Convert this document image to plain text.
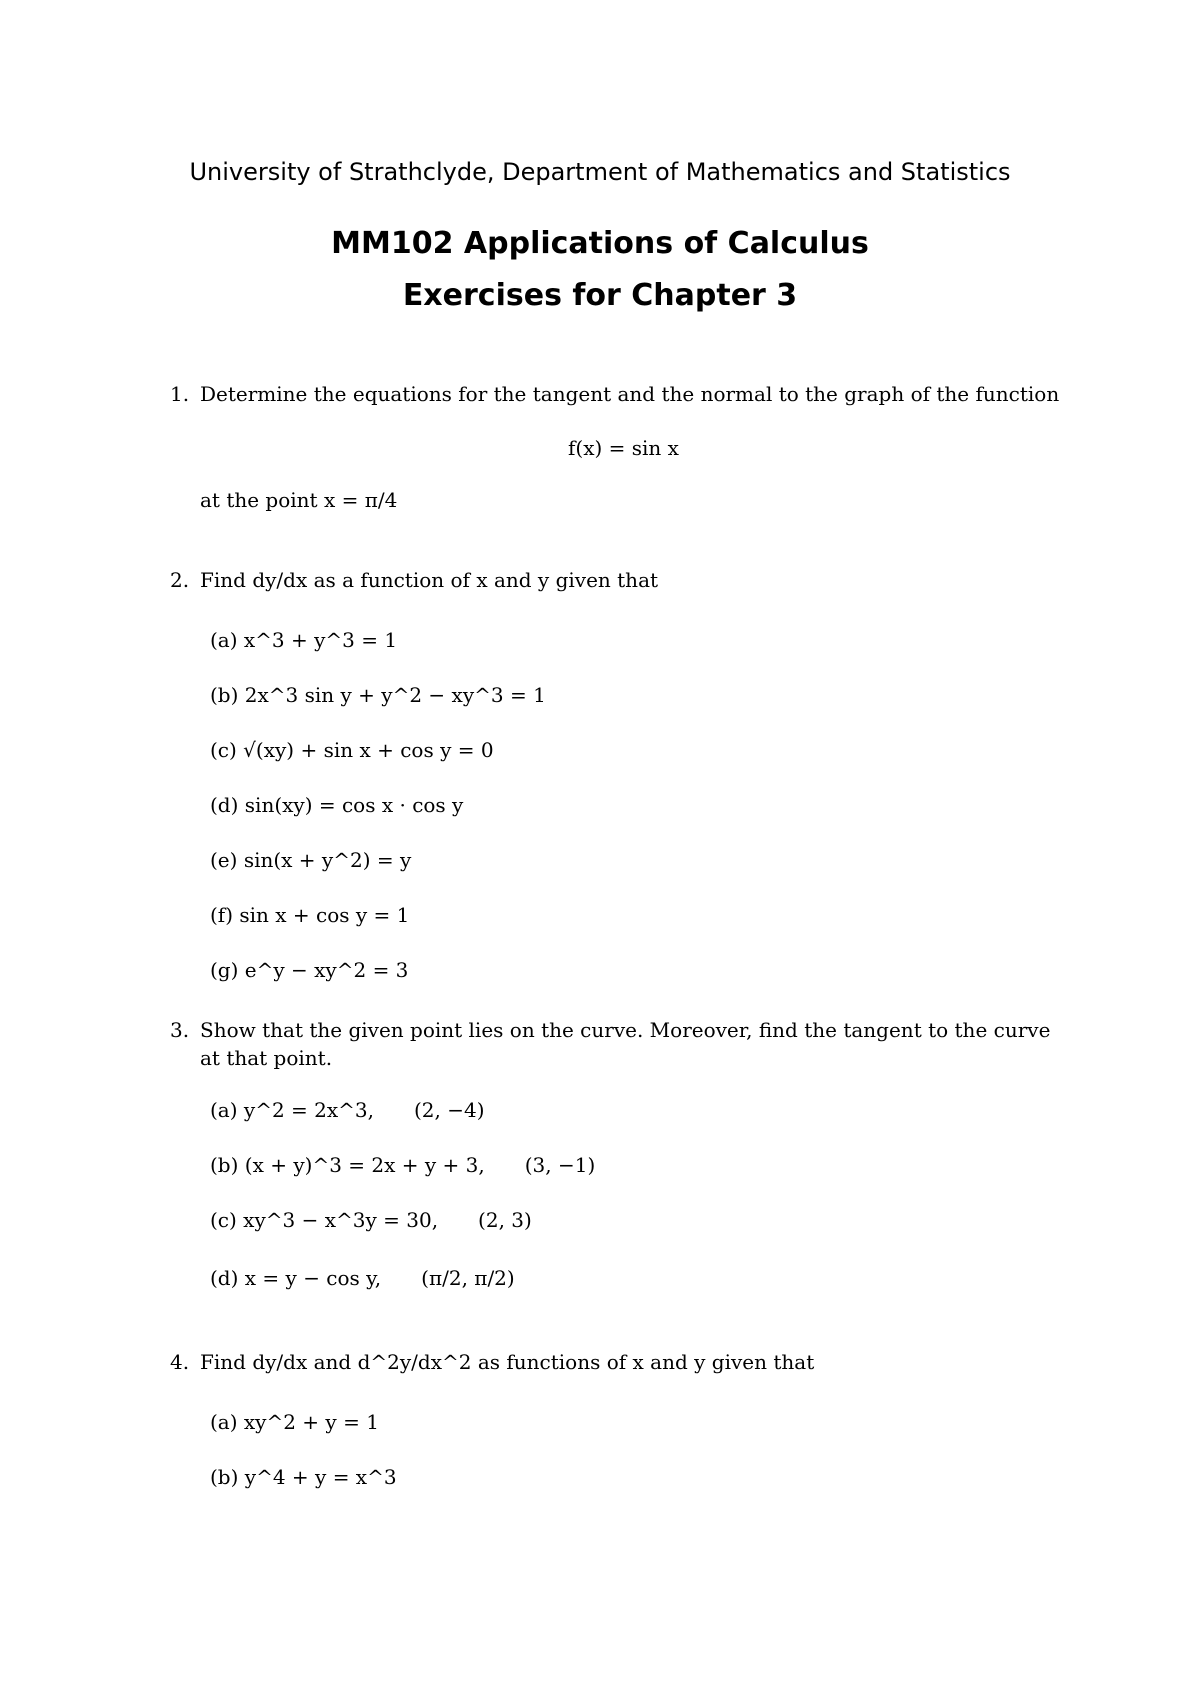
University of Strathclyde, Department of Mathematics and Statistics
MM102 Applications of Calculus
Exercises for Chapter 3
1. Determine the equations for the tangent and the normal to the graph of the function
f(x) = sin x
at the point x = π/4
2. Find dy/dx as a function of x and y given that
(a) x^3 + y^3 = 1
(b) 2x^3 sin y + y^2 − xy^3 = 1
(c) √(xy) + sin x + cos y = 0
(d) sin(xy) = cos x · cos y
(e) sin(x + y^2) = y
(f) sin x + cos y = 1
(g) e^y − xy^2 = 3
3. Show that the given point lies on the curve. Moreover, find the tangent to the curve
at that point.
(a) y^2 = 2x^3, (2, −4)
(b) (x + y)^3 = 2x + y + 3, (3, −1)
(c) xy^3 − x^3y = 30, (2, 3)
(d) x = y − cos y, (π/2, π/2)
4. Find dy/dx and d^2y/dx^2 as functions of x and y given that
(a) xy^2 + y = 1
(b) y^4 + y = x^3
